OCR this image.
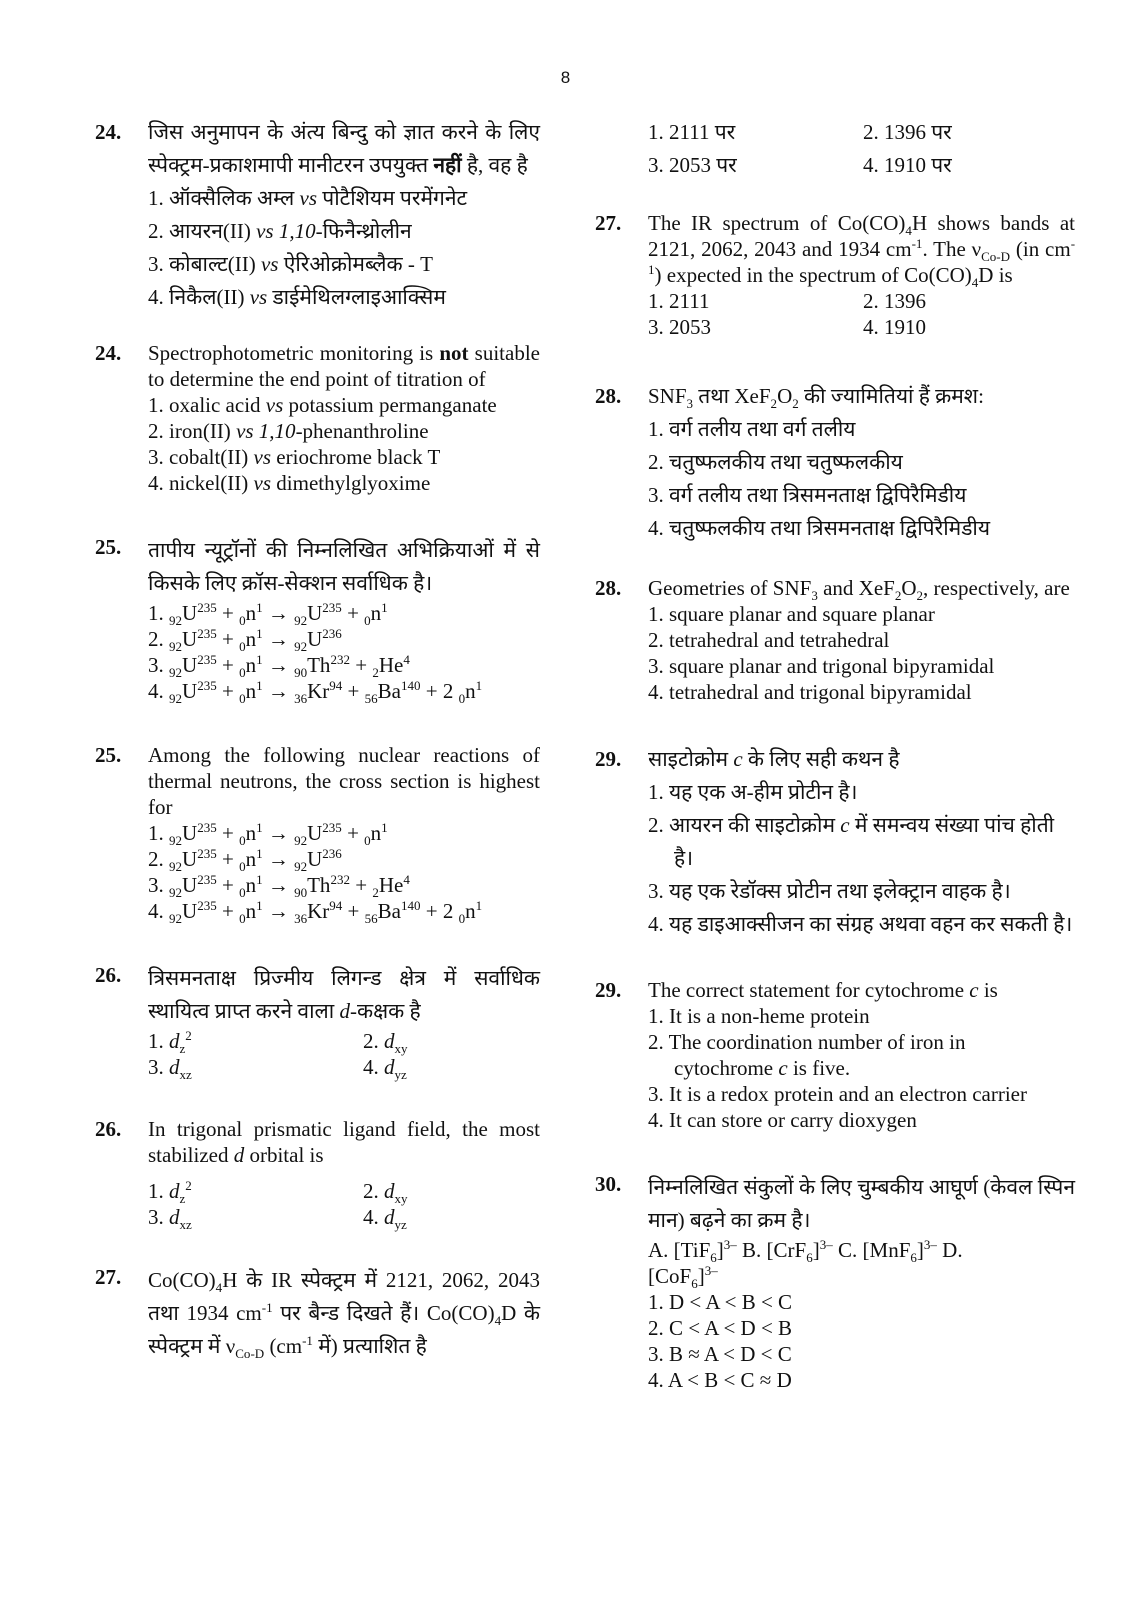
8
24. जिस अनुमापन के अंत्य बिन्दु को ज्ञात करने के लिए स्पेक्ट्रम-प्रकाशमापी मानीटरन उपयुक्त नहीं है, वह है
1. ऑक्सैलिक अम्ल vs पोटैशियम परमेंगनेट
2. आयरन(II) vs 1,10-फिनैन्थ्रोलीन
3. कोबाल्ट(II) vs ऐरिओक्रोमब्लैक - T
4. निकैल(II) vs डाईमेथिलग्लाइआक्सिम
24. Spectrophotometric monitoring is not suitable to determine the end point of titration of
1. oxalic acid vs potassium permanganate
2. iron(II) vs 1,10-phenanthroline
3. cobalt(II) vs eriochrome black T
4. nickel(II) vs dimethylglyoxime
25. तापीय न्यूट्रॉनों की निम्नलिखित अभिक्रियाओं में से किसके लिए क्रॉस-सेक्शन सर्वाधिक है।
1. $_{92}U^{235} + _0n^1 \to _{92}U^{235} + _0n^1$
2. $_{92}U^{235} + _0n^1 \to _{92}U^{236}$
3. $_{92}U^{235} + _0n^1 \to _{90}Th^{232} + _2He^4$
4. $_{92}U^{235} + _0n^1 \to _{36}Kr^{94} + _{56}Ba^{140} + 2$ $_0n^1$
25. Among the following nuclear reactions of thermal neutrons, the cross section is highest for
1. $_{92}U^{235} + _0n^1 \to _{92}U^{235} + _0n^1$
2. $_{92}U^{235} + _0n^1 \to _{92}U^{236}$
3. $_{92}U^{235} + _0n^1 \to _{90}Th^{232} + _2He^4$
4. $_{92}U^{235} + _0n^1 \to _{36}Kr^{94} + _{56}Ba^{140} + 2$ $_0n^1$
26. त्रिसमनताक्ष प्रिज्मीय लिगन्ड क्षेत्र में सर्वाधिक स्थायित्व प्राप्त करने वाला d-कक्षक है
1. $d_z^2$	2. $d_{xy}$
3. $d_{xz}$	4. $d_{yz}$
26. In trigonal prismatic ligand field, the most stabilized d orbital is
1. $d_z^2$	2. $d_{xy}$
3. $d_{xz}$	4. $d_{yz}$
27. $Co(CO)_4H$ के IR स्पेक्ट्रम में 2121, 2062, 2043 तथा 1934 $cm^{-1}$ पर बैन्ड दिखते हैं। $Co(CO)_4D$ के स्पेक्ट्रम में $\nu_{Co-D}$ ($cm^{-1}$ में) प्रत्याशित है
1. 2111 पर	2. 1396 पर
3. 2053 पर	4. 1910 पर
27. The IR spectrum of $Co(CO)_4H$ shows bands at 2121, 2062, 2043 and 1934 $cm^{-1}$. The $\nu_{Co-D}$ (in $cm^{-1}$) expected in the spectrum of $Co(CO)_4D$ is
1. 2111	2. 1396
3. 2053	4. 1910
28. $SNF_3$ तथा $XeF_2O_2$ की ज्यामितियां हैं क्रमश:
1. वर्ग तलीय तथा वर्ग तलीय
2. चतुष्फलकीय तथा चतुष्फलकीय
3. वर्ग तलीय तथा त्रिसमनताक्ष द्विपिरैमिडीय
4. चतुष्फलकीय तथा त्रिसमनताक्ष द्विपिरैमिडीय
28. Geometries of $SNF_3$ and $XeF_2O_2$, respectively, are
1. square planar and square planar
2. tetrahedral and tetrahedral
3. square planar and trigonal bipyramidal
4. tetrahedral and trigonal bipyramidal
29. साइटोक्रोम c के लिए सही कथन है
1. यह एक अ-हीम प्रोटीन है।
2. आयरन की साइटोक्रोम c में समन्वय संख्या पांच होती है।
3. यह एक रेडॉक्स प्रोटीन तथा इलेक्ट्रान वाहक है।
4. यह डाइआक्सीजन का संग्रह अथवा वहन कर सकती है।
29. The correct statement for cytochrome c is
1. It is a non-heme protein
2. The coordination number of iron in cytochrome c is five.
3. It is a redox protein and an electron carrier
4. It can store or carry dioxygen
30. निम्नलिखित संकुलों के लिए चुम्बकीय आघूर्ण (केवल स्पिन मान) बढ़ने का क्रम है।
A. $[TiF_6]^{3-}$ B. $[CrF_6]^{3-}$ C. $[MnF_6]^{3-}$ D. $[CoF_6]^{3-}$
1. D < A < B < C
2. C < A < D < B
3. B ≈ A < D < C
4. A < B < C ≈ D
